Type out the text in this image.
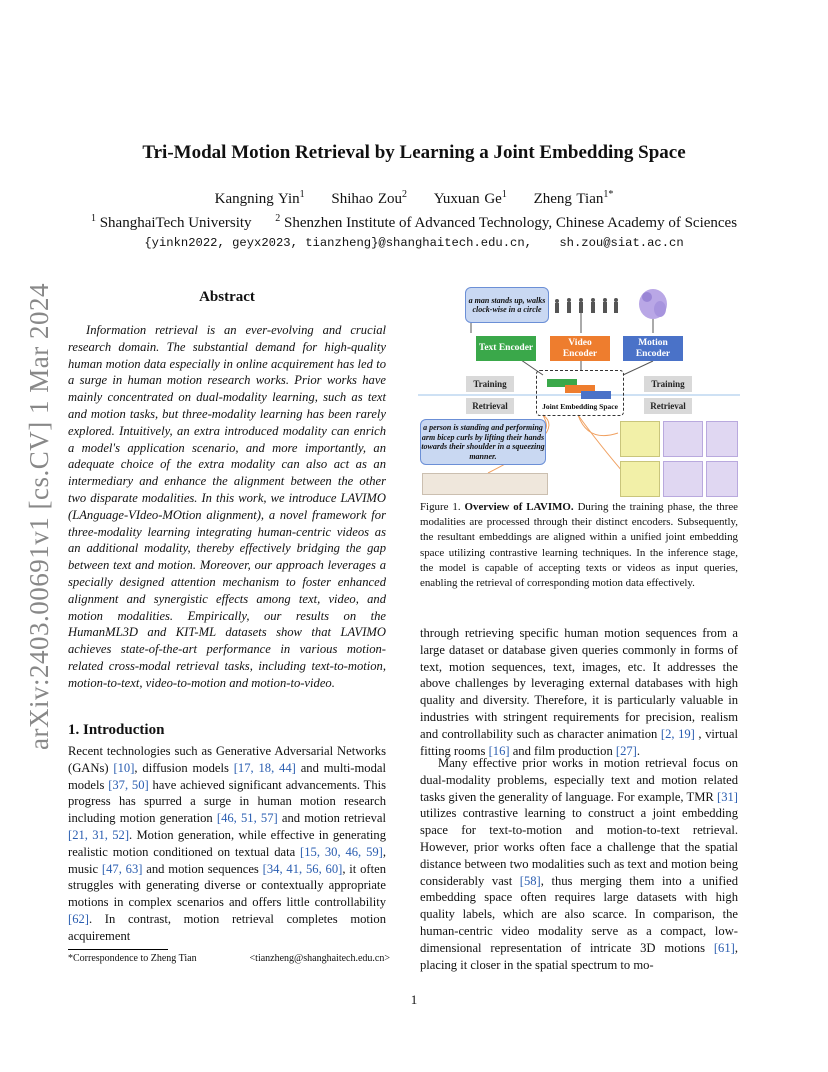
arXiv:2403.00691v1 [cs.CV] 1 Mar 2024
Tri-Modal Motion Retrieval by Learning a Joint Embedding Space
Kangning Yin$^1$ Shihao Zou$^2$ Yuxuan Ge$^1$ Zheng Tian$^{1*}$
$^1$ ShanghaiTech University $^2$ Shenzhen Institute of Advanced Technology, Chinese Academy of Sciences
{yinkn2022, geyx2023, tianzheng}@shanghaitech.edu.cn, sh.zou@siat.ac.cn
Abstract
Information retrieval is an ever-evolving and crucial research domain. The substantial demand for high-quality human motion data especially in online acquirement has led to a surge in human motion research works. Prior works have mainly concentrated on dual-modality learning, such as text and motion tasks, but three-modality learning has been rarely explored. Intuitively, an extra introduced modality can enrich a model's application scenario, and more importantly, an adequate choice of the extra modality can also act as an intermediary and enhance the alignment between the other two disparate modalities. In this work, we introduce LAVIMO (LAnguage-VIdeo-MOtion alignment), a novel framework for three-modality learning integrating human-centric videos as an additional modality, thereby effectively bridging the gap between text and motion. Moreover, our approach leverages a specially designed attention mechanism to foster enhanced alignment and synergistic effects among text, video, and motion modalities. Empirically, our results on the HumanML3D and KIT-ML datasets show that LAVIMO achieves state-of-the-art performance in various motion-related cross-modal retrieval tasks, including text-to-motion, motion-to-text, video-to-motion and motion-to-video.
1. Introduction
Recent technologies such as Generative Adversarial Networks (GANs) [10], diffusion models [17, 18, 44] and multi-modal models [37, 50] have achieved significant advancements. This progress has spurred a surge in human motion research including motion generation [46, 51, 57] and motion retrieval [21, 31, 52]. Motion generation, while effective in generating realistic motion conditioned on textual data [15, 30, 46, 59], music [47, 63] and motion sequences [34, 41, 56, 60], it often struggles with generating diverse or contextually appropriate motions in complex scenarios and offers little controllability [62]. In contrast, motion retrieval completes motion acquirement
*Correspondence to Zheng Tian	<tianzheng@shanghaitech.edu.cn>
a man stands up, walks clock-wise in a circle
Text Encoder
Video Encoder
Motion Encoder
Training	Training
Retrieval	Retrieval
Joint Embedding Space
a person is standing and performing arm bicep curls by lifting their hands towards their shoulder in a squeezing manner.
Figure 1. Overview of LAVIMO. During the training phase, the three modalities are processed through their distinct encoders. Subsequently, the resultant embeddings are aligned within a unified joint embedding space utilizing contrastive learning techniques. In the inference stage, the model is capable of accepting texts or videos as input queries, enabling the retrieval of corresponding motion data effectively.
through retrieving specific human motion sequences from a large dataset or database given queries commonly in forms of text, motion sequences, text, images, etc. It addresses the above challenges by leveraging external databases with high quality and diversity. Therefore, it is particularly valuable in industries with stringent requirements for precision, realism and controllability such as character animation [2, 19] , virtual fitting rooms [16] and film production [27].
Many effective prior works in motion retrieval focus on dual-modality problems, especially text and motion related tasks given the generality of language. For example, TMR [31] utilizes contrastive learning to construct a joint embedding space for text-to-motion and motion-to-text retrieval. However, prior works often face a challenge that the spatial distance between two modalities such as text and motion being considerably vast [58], thus merging them into a unified embedding space often requires large datasets with high quality labels, which are also scarce. In comparison, the human-centric video modality serve as a compact, low-dimensional representation of intricate 3D motions [61], placing it closer in the spatial spectrum to mo-
1
